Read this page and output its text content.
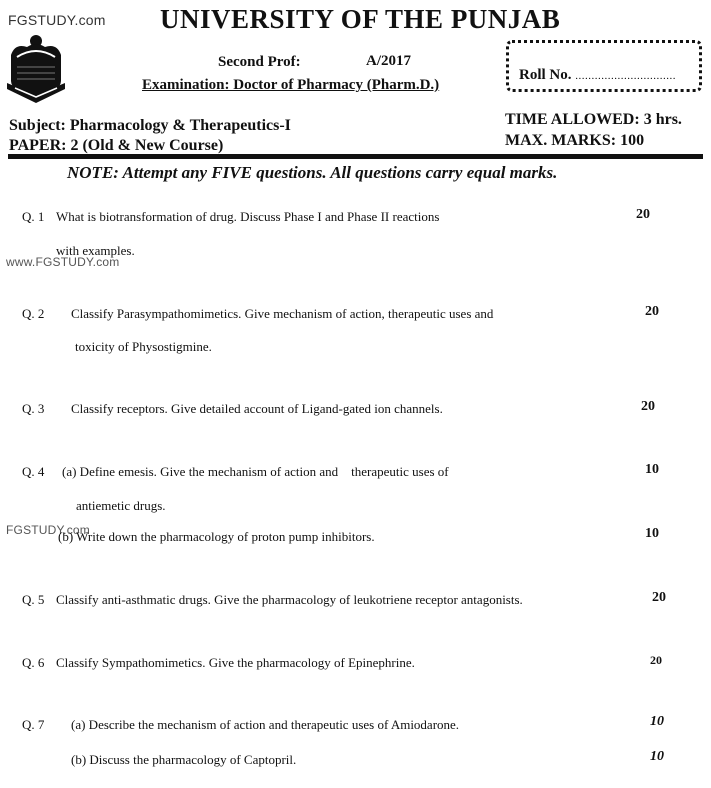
FGSTUDY.com
www.FGSTUDY.com
FGSTUDY.com
UNIVERSITY OF THE PUNJAB
Second Prof:	A/2017
Examination: Doctor of Pharmacy (Pharm.D.)
Roll No. ...............................
Subject: Pharmacology & Therapeutics-I
PAPER: 2 (Old & New Course)
TIME ALLOWED: 3 hrs.
MAX. MARKS: 100
NOTE: Attempt any FIVE questions. All questions carry equal marks.
Q. 1 What is biotransformation of drug. Discuss Phase I and Phase II reactions
with examples.
20
Q. 2 Classify Parasympathomimetics. Give mechanism of action, therapeutic uses and
toxicity of Physostigmine.
20
Q. 3 Classify receptors. Give detailed account of Ligand-gated ion channels.	20
Q. 4 (a) Define emesis. Give the mechanism of action and    therapeutic uses of
antiemetic drugs.
10
(b) Write down the pharmacology of proton pump inhibitors.	10
Q. 5 Classify anti-asthmatic drugs. Give the pharmacology of leukotriene receptor antagonists.	20
Q. 6 Classify Sympathomimetics. Give the pharmacology of Epinephrine.	20
Q. 7 (a) Describe the mechanism of action and therapeutic uses of Amiodarone.	10
(b) Discuss the pharmacology of Captopril.	10
